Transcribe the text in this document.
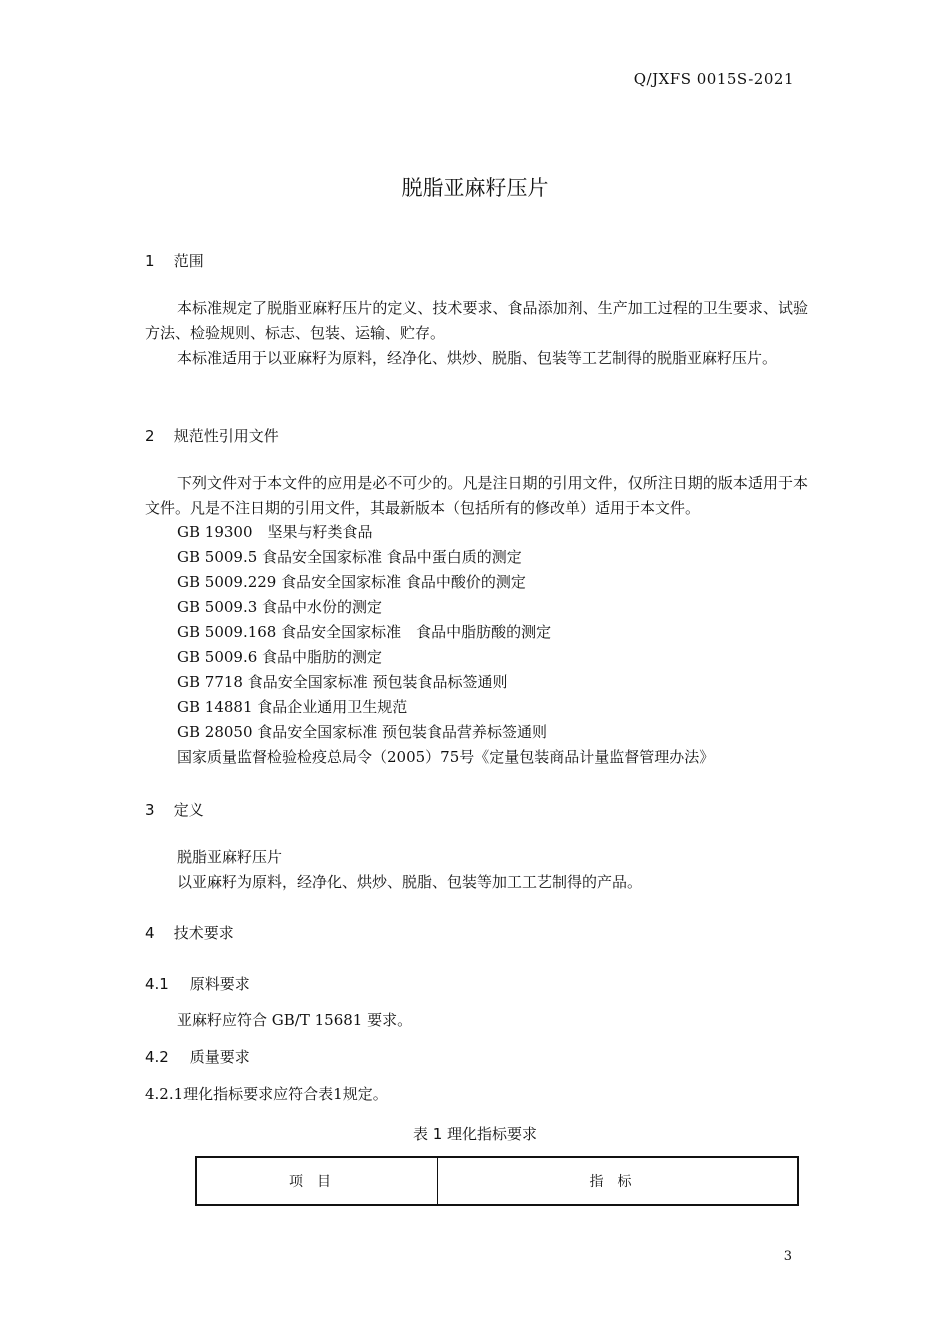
Q/JXFS 0015S-2021
脱脂亚麻籽压片
1 范围
本标准规定了脱脂亚麻籽压片的定义、技术要求、食品添加剂、生产加工过程的卫生要求、试验方法、检验规则、标志、包装、运输、贮存。
本标准适用于以亚麻籽为原料，经净化、烘炒、脱脂、包装等工艺制得的脱脂亚麻籽压片。
2 规范性引用文件
下列文件对于本文件的应用是必不可少的。凡是注日期的引用文件，仅所注日期的版本适用于本文件。凡是不注日期的引用文件，其最新版本（包括所有的修改单）适用于本文件。
GB 19300　坚果与籽类食品
GB 5009.5 食品安全国家标准 食品中蛋白质的测定
GB 5009.229 食品安全国家标准 食品中酸价的测定
GB 5009.3 食品中水份的测定
GB 5009.168 食品安全国家标准　食品中脂肪酸的测定
GB 5009.6 食品中脂肪的测定
GB 7718 食品安全国家标准 预包装食品标签通则
GB 14881 食品企业通用卫生规范
GB 28050 食品安全国家标准 预包装食品营养标签通则
国家质量监督检验检疫总局令（2005）75号《定量包装商品计量监督管理办法》
3 定义
脱脂亚麻籽压片
以亚麻籽为原料，经净化、烘炒、脱脂、包装等加工工艺制得的产品。
4 技术要求
4.1 原料要求
亚麻籽应符合 GB/T 15681 要求。
4.2 质量要求
4.2.1理化指标要求应符合表1规定。
表 1 理化指标要求
项目	指标
3
